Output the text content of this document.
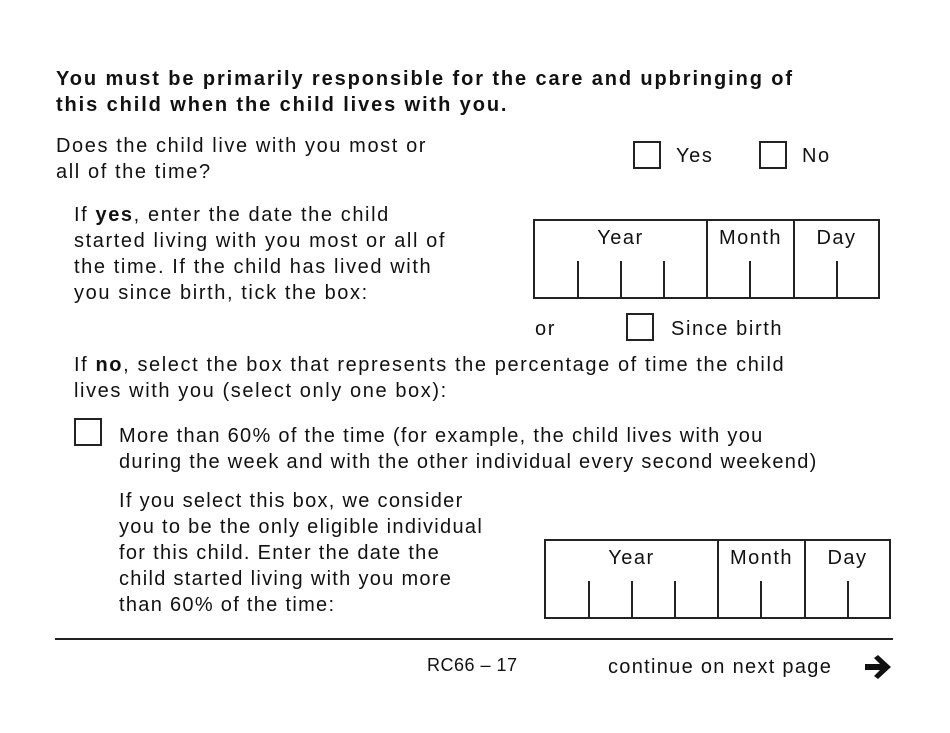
You must be primarily responsible for the care and upbringing of
this child when the child lives with you.
Does the child live with you most or
all of the time?
Yes	No
If yes, enter the date the child
started living with you most or all of
the time. If the child has lived with
you since birth, tick the box:
Year	Month	Day
or	Since birth
If no, select the box that represents the percentage of time the child
lives with you (select only one box):
More than 60% of the time (for example, the child lives with you
during the week and with the other individual every second weekend)
If you select this box, we consider
you to be the only eligible individual
for this child. Enter the date the
child started living with you more
than 60% of the time:
Year	Month	Day
RC66 – 17	continue on next page
